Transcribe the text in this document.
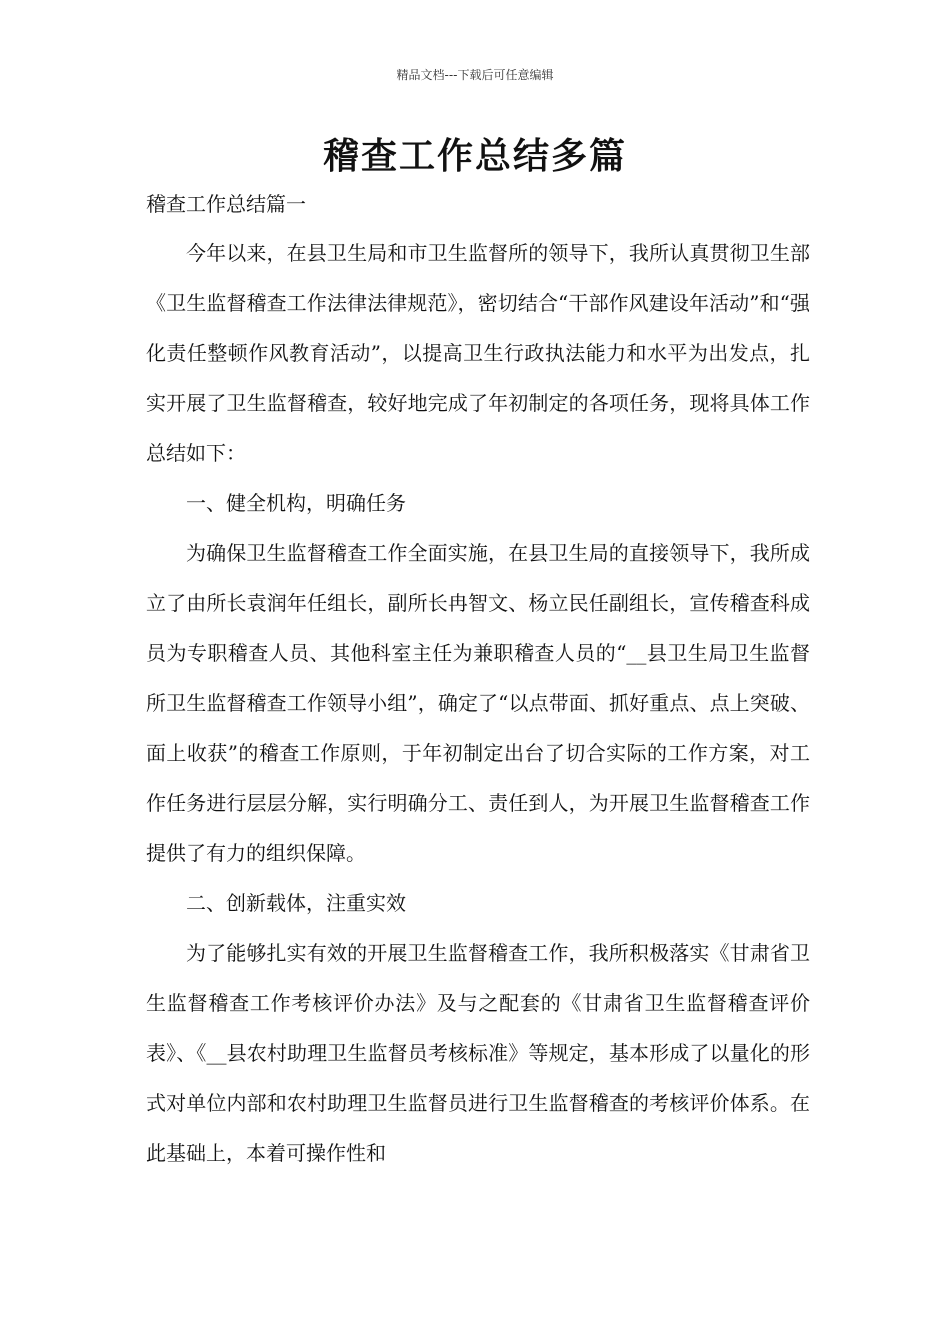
精品文档---下载后可任意编辑
稽查工作总结多篇
稽查工作总结篇一

今年以来，在县卫生局和市卫生监督所的领导下，我所认真贯彻卫生部《卫生监督稽查工作法律法律规范》，密切结合“干部作风建设年活动”和“强化责任整顿作风教育活动”，以提高卫生行政执法能力和水平为出发点，扎实开展了卫生监督稽查，较好地完成了年初制定的各项任务，现将具体工作总结如下：

一、健全机构，明确任务

为确保卫生监督稽查工作全面实施，在县卫生局的直接领导下，我所成立了由所长袁润年任组长，副所长冉智文、杨立民任副组长，宣传稽查科成员为专职稽查人员、其他科室主任为兼职稽查人员的“__县卫生局卫生监督所卫生监督稽查工作领导小组”，确定了“以点带面、抓好重点、点上突破、面上收获”的稽查工作原则，于年初制定出台了切合实际的工作方案，对工作任务进行层层分解，实行明确分工、责任到人，为开展卫生监督稽查工作提供了有力的组织保障。

二、创新载体，注重实效

为了能够扎实有效的开展卫生监督稽查工作，我所积极落实《甘肃省卫生监督稽查工作考核评价办法》及与之配套的《甘肃省卫生监督稽查评价表》、《__县农村助理卫生监督员考核标准》等规定，基本形成了以量化的形式对单位内部和农村助理卫生监督员进行卫生监督稽查的考核评价体系。在此基础上，本着可操作性和
